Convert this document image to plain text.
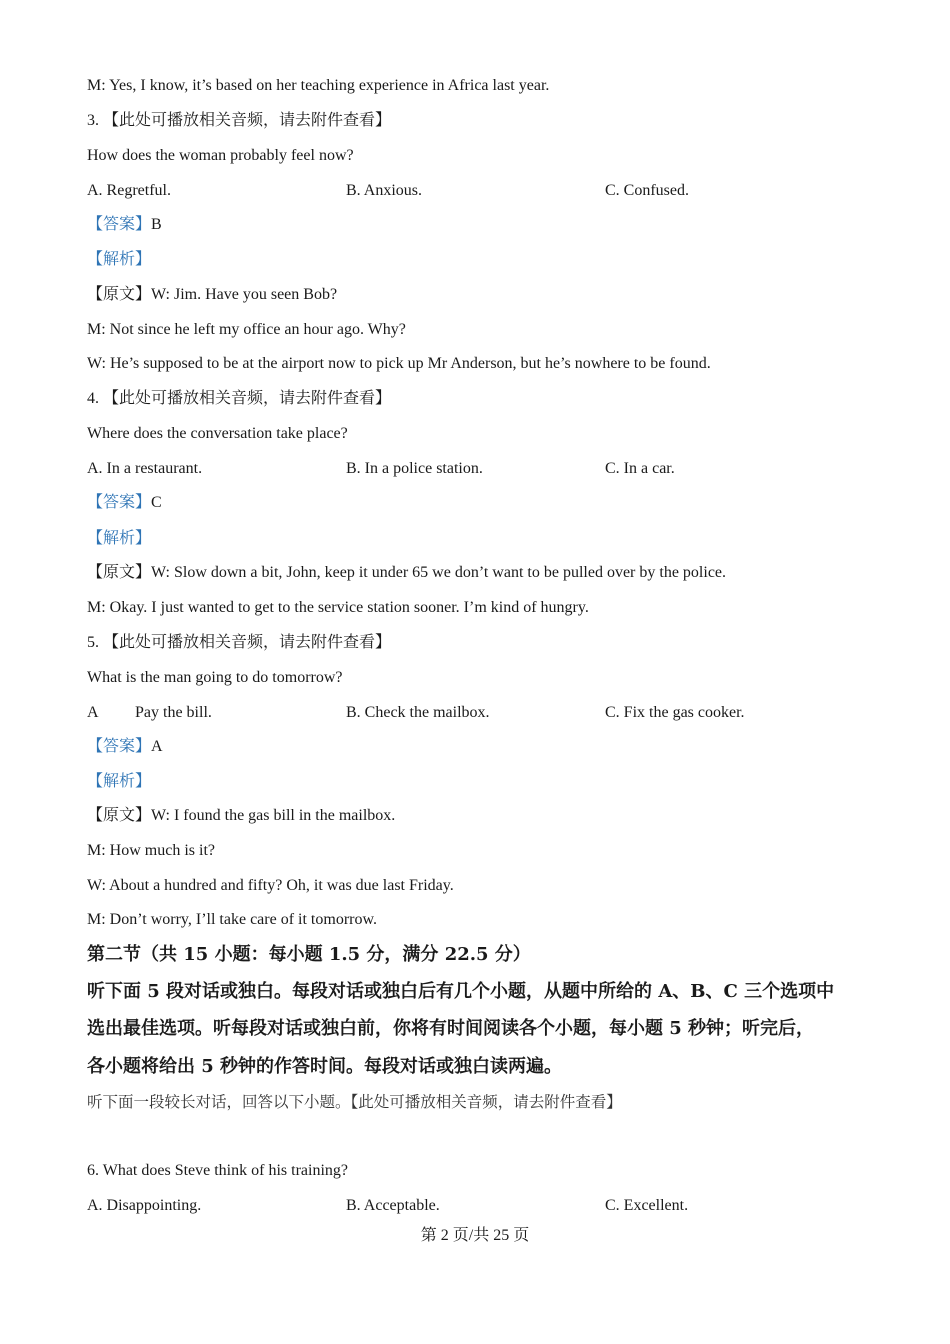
M: Yes, I know, it’s based on her teaching experience in Africa last year.
3. 【此处可播放相关音频，请去附件查看】
How does the woman probably feel now?
A. Regretful.	B. Anxious.	C. Confused.
【答案】B
【解析】
【原文】W: Jim. Have you seen Bob?
M: Not since he left my office an hour ago. Why?
W: He’s supposed to be at the airport now to pick up Mr Anderson, but he’s nowhere to be found.
4. 【此处可播放相关音频，请去附件查看】
Where does the conversation take place?
A. In a restaurant.	B. In a police station.	C. In a car.
【答案】C
【解析】
【原文】W: Slow down a bit, John, keep it under 65 we don’t want to be pulled over by the police.
M: Okay. I just wanted to get to the service station sooner. I’m kind of hungry.
5. 【此处可播放相关音频，请去附件查看】
What is the man going to do tomorrow?
A Pay the bill.	B. Check the mailbox.	C. Fix the gas cooker.
【答案】A
【解析】
【原文】W: I found the gas bill in the mailbox.
M: How much is it?
W: About a hundred and fifty? Oh, it was due last Friday.
M: Don’t worry, I’ll take care of it tomorrow.
第二节（共 15 小题：每小题 1.5 分，满分 22.5 分）
听下面 5 段对话或独白。每段对话或独白后有几个小题，从题中所给的 A、B、C 三个选项中
选出最佳选项。听每段对话或独白前，你将有时间阅读各个小题，每小题 5 秒钟；听完后，
各小题将给出 5 秒钟的作答时间。每段对话或独白读两遍。
听下面一段较长对话，回答以下小题。【此处可播放相关音频，请去附件查看】
6. What does Steve think of his training?
A. Disappointing.	B. Acceptable.	C. Excellent.
第 2 页/共 25 页
